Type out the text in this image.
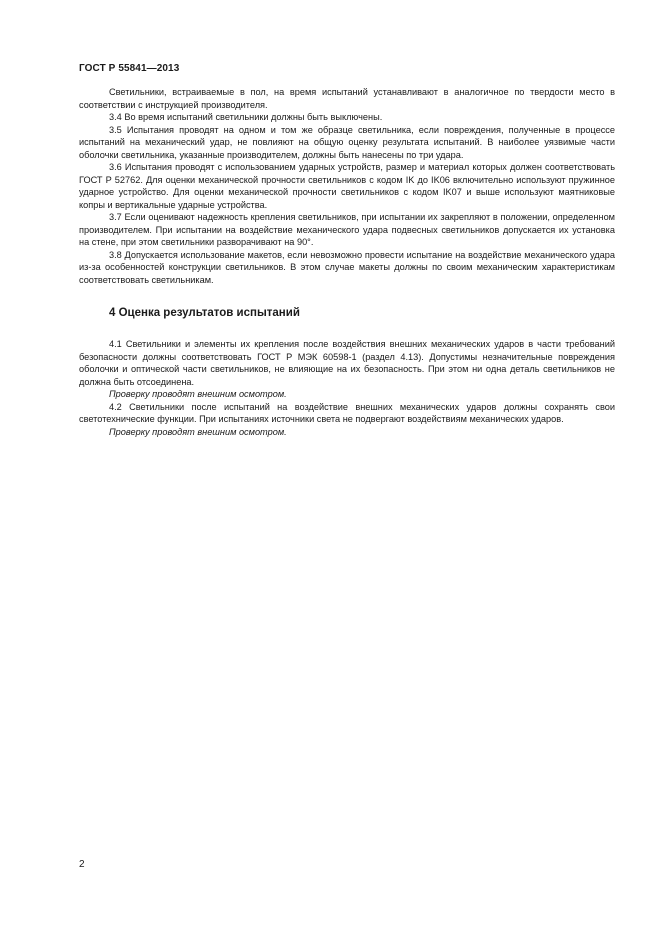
ГОСТ Р 55841—2013

Светильники, встраиваемые в пол, на время испытаний устанавливают в аналогичное по твердости место в соответствии с инструкцией производителя.

3.4 Во время испытаний светильники должны быть выключены.

3.5 Испытания проводят на одном и том же образце светильника, если повреждения, полученные в процессе испытаний на механический удар, не повлияют на общую оценку результата испытаний. В наиболее уязвимые части оболочки светильника, указанные производителем, должны быть нанесены по три удара.

3.6 Испытания проводят с использованием ударных устройств, размер и материал которых должен соответствовать ГОСТ Р 52762. Для оценки механической прочности светильников с кодом IK до IK06 включительно используют пружинное ударное устройство. Для оценки механической прочности светильников с кодом IK07 и выше используют маятниковые копры и вертикальные ударные устройства.

3.7 Если оценивают надежность крепления светильников, при испытании их закрепляют в положении, определенном производителем. При испытании на воздействие механического удара подвесных светильников допускается их установка на стене, при этом светильники разворачивают на 90°.

3.8 Допускается использование макетов, если невозможно провести испытание на воздействие механического удара из-за особенностей конструкции светильников. В этом случае макеты должны по своим механическим характеристикам соответствовать светильникам.

4 Оценка результатов испытаний

4.1 Светильники и элементы их крепления после воздействия внешних механических ударов в части требований безопасности должны соответствовать ГОСТ Р МЭК 60598-1 (раздел 4.13). Допустимы незначительные повреждения оболочки и оптической части светильников, не влияющие на их безопасность. При этом ни одна деталь светильников не должна быть отсоединена.

Проверку проводят внешним осмотром.

4.2 Светильники после испытаний на воздействие внешних механических ударов должны сохранять свои светотехнические функции. При испытаниях источники света не подвергают воздействиям механических ударов.

Проверку проводят внешним осмотром.

2
